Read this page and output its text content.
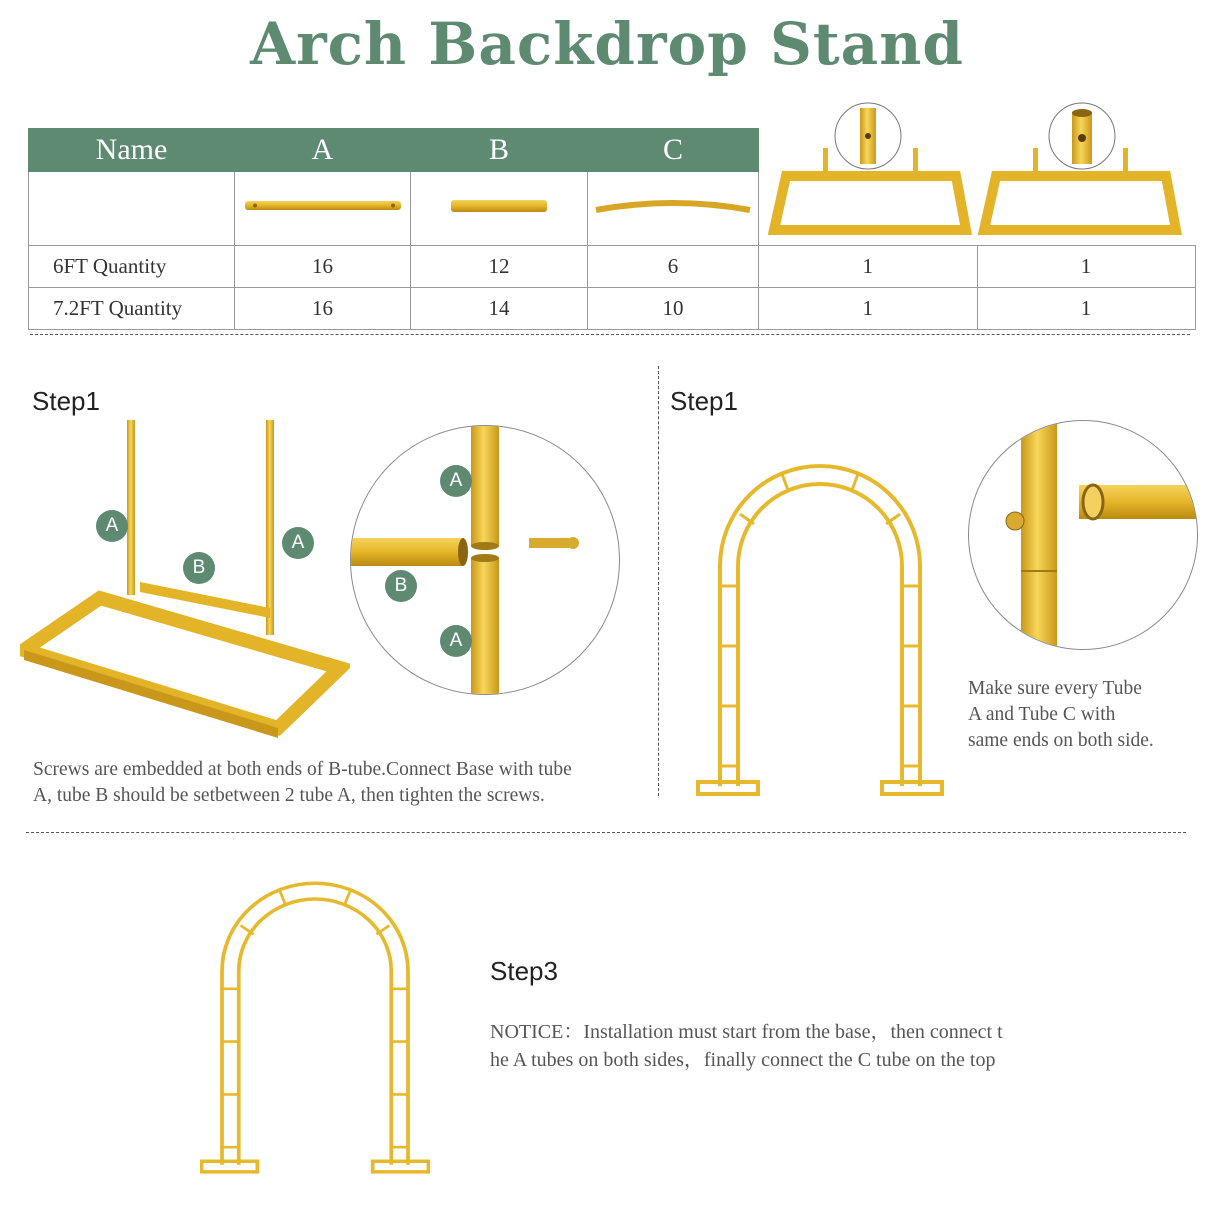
Arch Backdrop Stand
Name	A	B	C		

6FT Quantity	16	12	6	1	1
7.2FT Quantity	16	14	10	1	1
Step1
A
B
A
A
B
A
Screws are embedded at both ends of B-tube.Connect Base with tube
A, tube B should be setbetween 2 tube A, then tighten the screws.
Step1
Make sure every Tube
A and Tube C with
same ends on both side.
Step3
NOTICE：Installation must start from the base，then connect t
he A tubes on both sides，finally connect the C tube on the top
